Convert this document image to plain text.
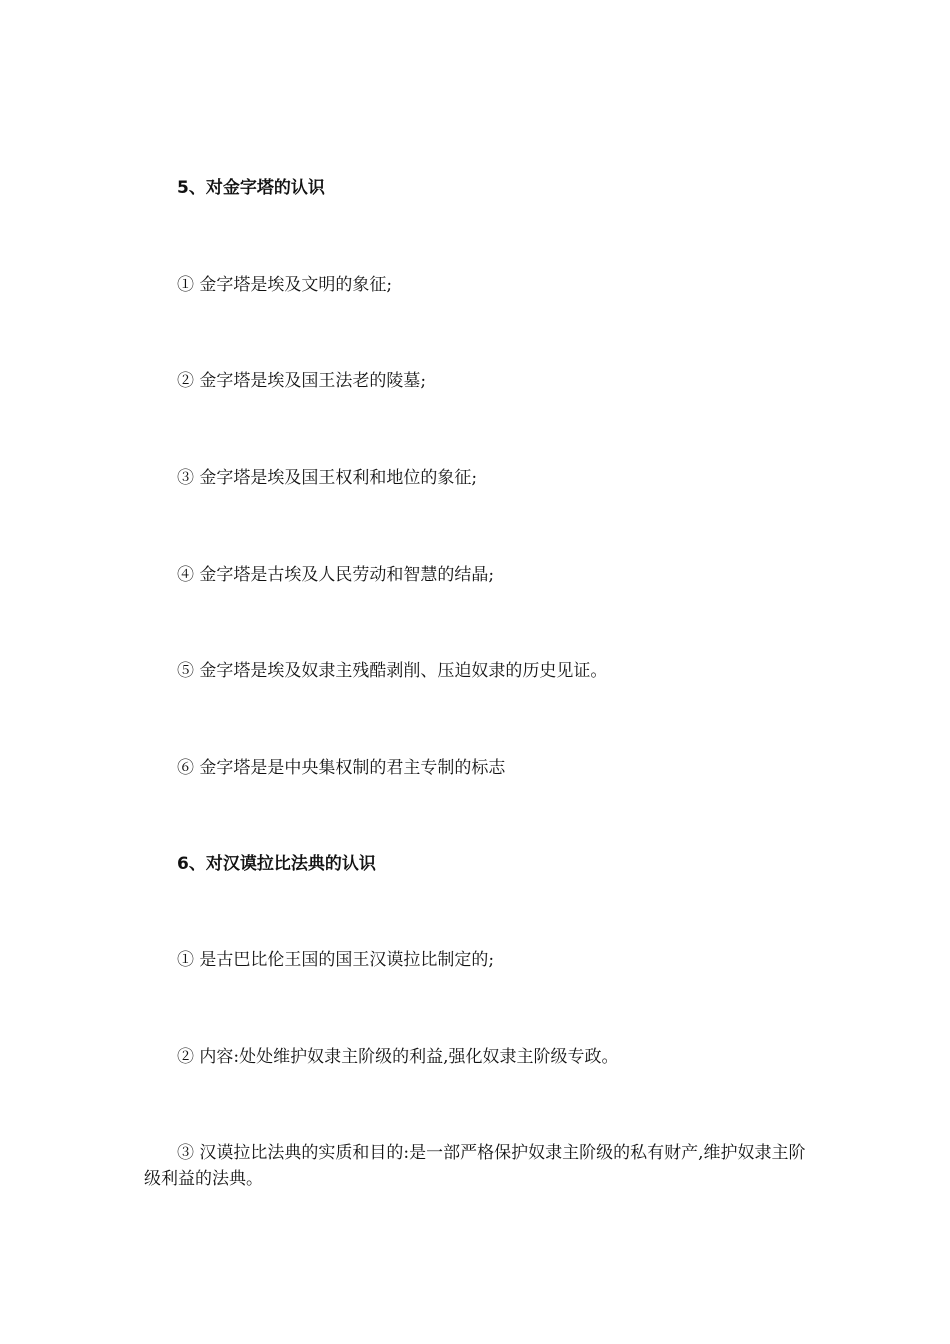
5、对金字塔的认识
① 金字塔是埃及文明的象征;
② 金字塔是埃及国王法老的陵墓;
③ 金字塔是埃及国王权利和地位的象征;
④ 金字塔是古埃及人民劳动和智慧的结晶;
⑤ 金字塔是埃及奴隶主残酷剥削、压迫奴隶的历史见证。
⑥ 金字塔是是中央集权制的君主专制的标志
6、对汉谟拉比法典的认识
① 是古巴比伦王国的国王汉谟拉比制定的;
② 内容:处处维护奴隶主阶级的利益,强化奴隶主阶级专政。
③ 汉谟拉比法典的实质和目的:是一部严格保护奴隶主阶级的私有财产,维护奴隶主阶级利益的法典。
